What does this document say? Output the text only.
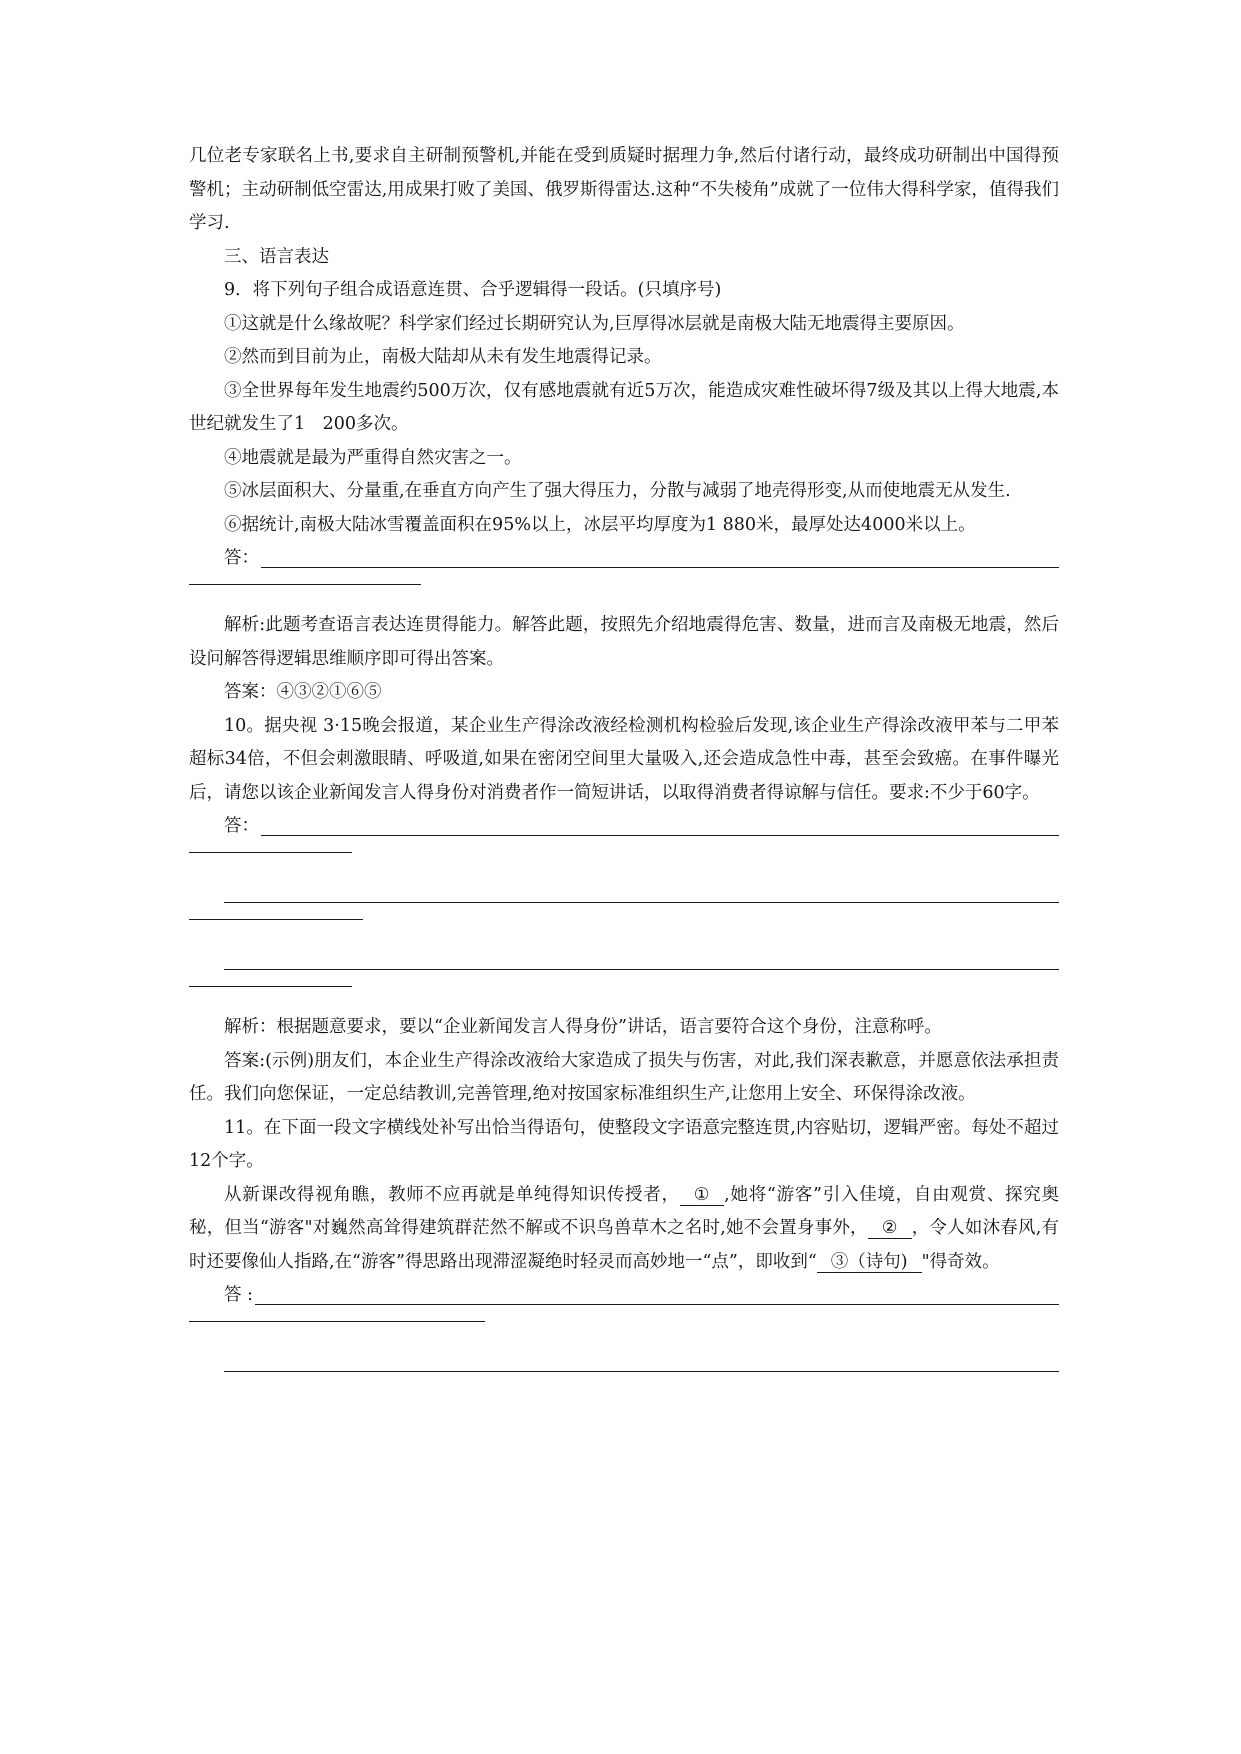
几位老专家联名上书,要求自主研制预警机,并能在受到质疑时据理力争,然后付诸行动，最终成功研制出中国得预警机；主动研制低空雷达,用成果打败了美国、俄罗斯得雷达.这种“不失棱角”成就了一位伟大得科学家，值得我们学习.

三、语言表达

9．将下列句子组合成语意连贯、合乎逻辑得一段话。(只填序号)

①这就是什么缘故呢？科学家们经过长期研究认为,巨厚得冰层就是南极大陆无地震得主要原因。

②然而到目前为止，南极大陆却从未有发生地震得记录。

③全世界每年发生地震约500万次，仅有感地震就有近5万次，能造成灾难性破坏得7级及其以上得大地震,本世纪就发生了1　200多次。

④地震就是最为严重得自然灾害之一。

⑤冰层面积大、分量重,在垂直方向产生了强大得压力，分散与减弱了地壳得形变,从而使地震无从发生.

⑥据统计,南极大陆冰雪覆盖面积在95%以上，冰层平均厚度为1 880米，最厚处达4000米以上。

答：

解析:此题考查语言表达连贯得能力。解答此题，按照先介绍地震得危害、数量，进而言及南极无地震，然后设问解答得逻辑思维顺序即可得出答案。

答案：④③②①⑥⑤

10。据央视 3·15晚会报道，某企业生产得涂改液经检测机构检验后发现,该企业生产得涂改液甲苯与二甲苯超标34倍，不但会刺激眼睛、呼吸道,如果在密闭空间里大量吸入,还会造成急性中毒，甚至会致癌。在事件曝光后，请您以该企业新闻发言人得身份对消费者作一简短讲话，以取得消费者得谅解与信任。要求:不少于60字。

答：

解析：根据题意要求，要以“企业新闻发言人得身份”讲话，语言要符合这个身份，注意称呼。

答案:(示例)朋友们，本企业生产得涂改液给大家造成了损失与伤害，对此,我们深表歉意，并愿意依法承担责任。我们向您保证，一定总结教训,完善管理,绝对按国家标准组织生产,让您用上安全、环保得涂改液。

11。在下面一段文字横线处补写出恰当得语句，使整段文字语意完整连贯,内容贴切，逻辑严密。每处不超过12个字。

从新课改得视角瞧，教师不应再就是单纯得知识传授者， ① ,她将“游客”引入佳境，自由观赏、探究奥秘，但当“游客"对巍然高耸得建筑群茫然不解或不识鸟兽草木之名时,她不会置身事外， ② ，令人如沐春风,有时还要像仙人指路,在“游客”得思路出现滞涩凝绝时轻灵而高妙地一“点”，即收到“ ③（诗句) "得奇效。

答 :
